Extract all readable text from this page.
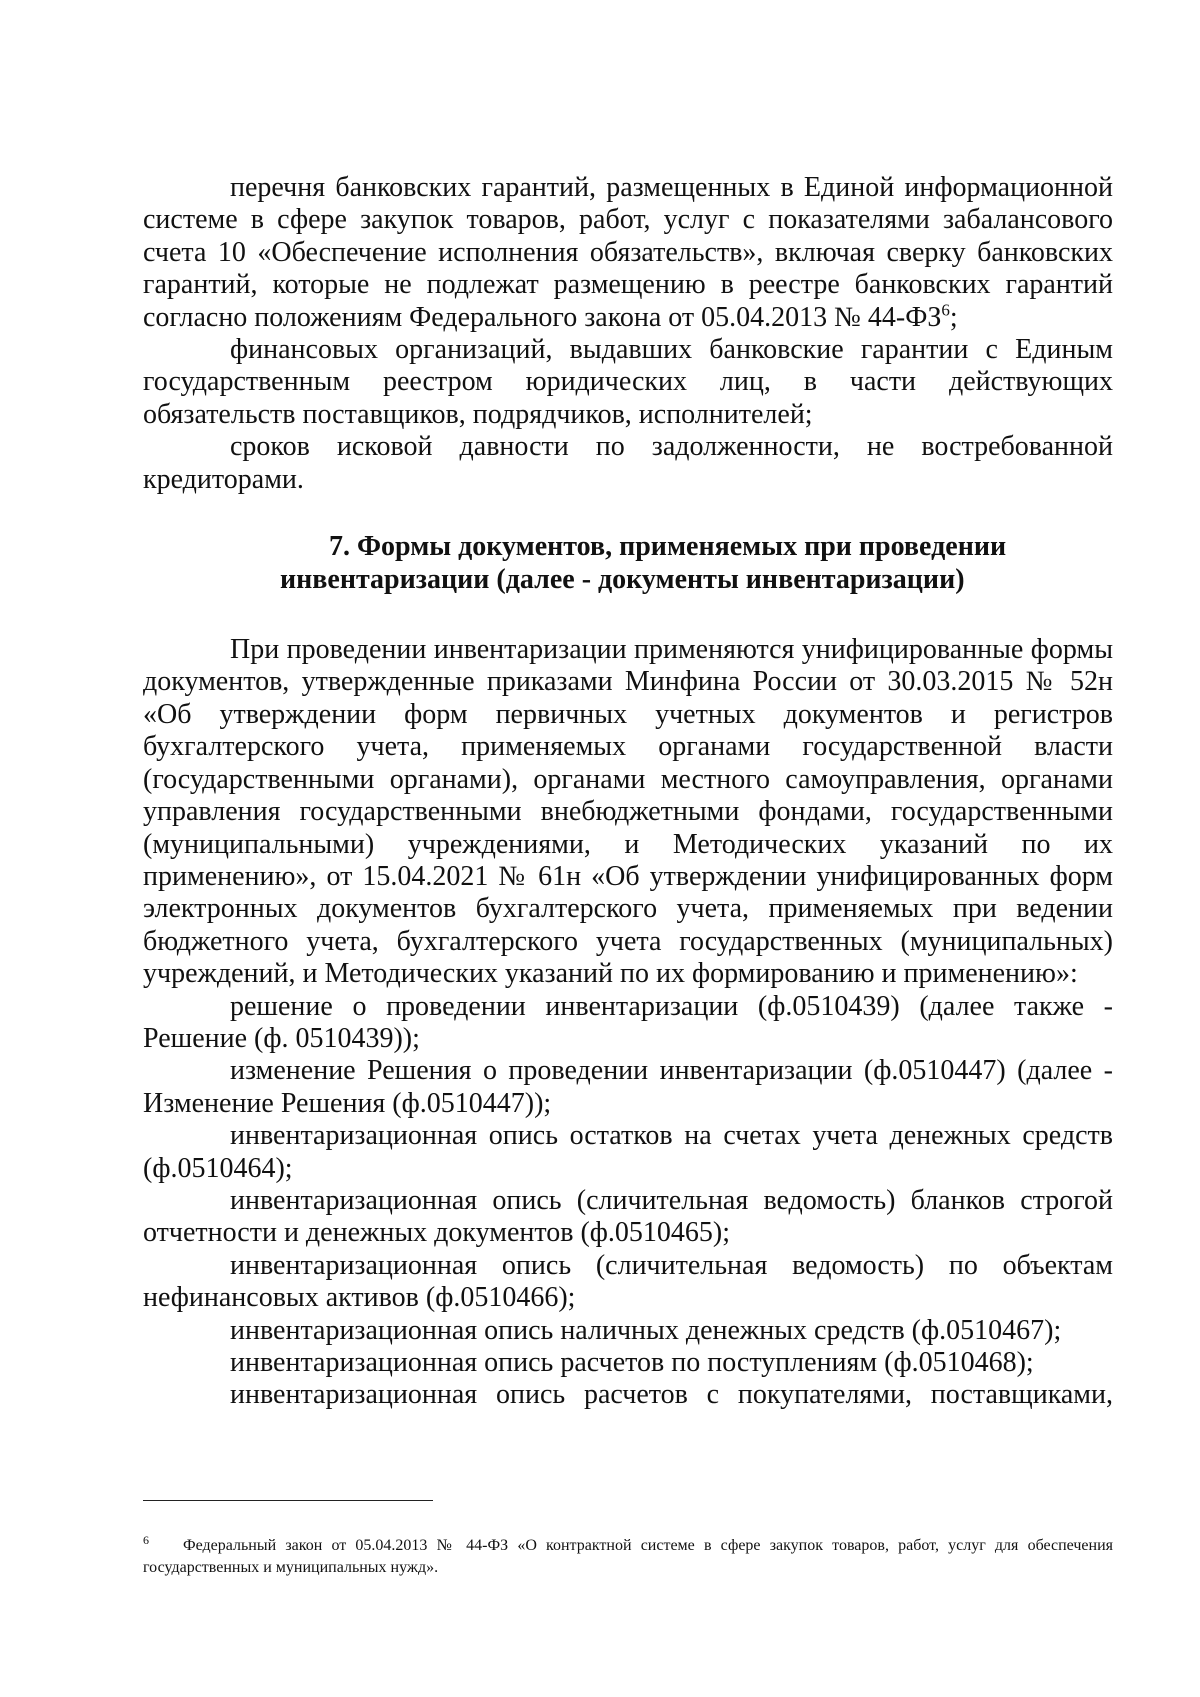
перечня банковских гарантий, размещенных в Единой информационной системе в сфере закупок товаров, работ, услуг с показателями забалансового счета 10 «Обеспечение исполнения обязательств», включая сверку банковских гарантий, которые не подлежат размещению в реестре банковских гарантий согласно положениям Федерального закона от 05.04.2013 № 44-ФЗ$^6$;

финансовых организаций, выдавших банковские гарантии с Единым государственным реестром юридических лиц, в части действующих обязательств поставщиков, подрядчиков, исполнителей;

сроков исковой давности по задолженности, не востребованной кредиторами.

7. Формы документов, применяемых при проведении
инвентаризации (далее - документы инвентаризации)

При проведении инвентаризации применяются унифицированные формы документов, утвержденные приказами Минфина России от 30.03.2015 № 52н «Об утверждении форм первичных учетных документов и регистров бухгалтерского учета, применяемых органами государственной власти (государственными органами), органами местного самоуправления, органами управления государственными внебюджетными фондами, государственными (муниципальными) учреждениями, и Методических указаний по их применению», от 15.04.2021 № 61н «Об утверждении унифицированных форм электронных документов бухгалтерского учета, применяемых при ведении бюджетного учета, бухгалтерского учета государственных (муниципальных) учреждений, и Методических указаний по их формированию и применению»:

решение о проведении инвентаризации (ф.0510439) (далее также - Решение (ф. 0510439));

изменение Решения о проведении инвентаризации (ф.0510447) (далее - Изменение Решения (ф.0510447));

инвентаризационная опись остатков на счетах учета денежных средств (ф.0510464);

инвентаризационная опись (сличительная ведомость) бланков строгой отчетности и денежных документов (ф.0510465);

инвентаризационная опись (сличительная ведомость) по объектам нефинансовых активов (ф.0510466);

инвентаризационная опись наличных денежных средств (ф.0510467);

инвентаризационная опись расчетов по поступлениям (ф.0510468);

инвентаризационная опись расчетов с покупателями, поставщиками,

$^6$ Федеральный закон от 05.04.2013 № 44-ФЗ «О контрактной системе в сфере закупок товаров, работ, услуг для обеспечения государственных и муниципальных нужд».
